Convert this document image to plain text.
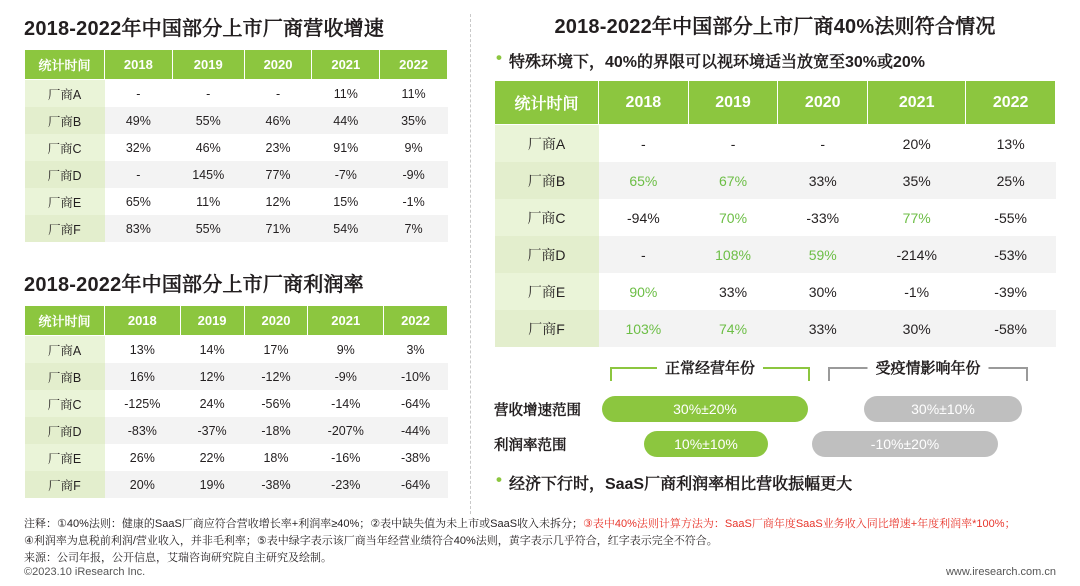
2018-2022年中国部分上市厂商营收增速
统计时间	2018	2019	2020	2021	2022
厂商A	-	-	-	11%	11%
厂商B	49%	55%	46%	44%	35%
厂商C	32%	46%	23%	91%	9%
厂商D	-	145%	77%	-7%	-9%
厂商E	65%	11%	12%	15%	-1%
厂商F	83%	55%	71%	54%	7%
2018-2022年中国部分上市厂商利润率
统计时间	2018	2019	2020	2021	2022
厂商A	13%	14%	17%	9%	3%
厂商B	16%	12%	-12%	-9%	-10%
厂商C	-125%	24%	-56%	-14%	-64%
厂商D	-83%	-37%	-18%	-207%	-44%
厂商E	26%	22%	18%	-16%	-38%
厂商F	20%	19%	-38%	-23%	-64%
2018-2022年中国部分上市厂商40%法则符合情况
• 特殊环境下，40%的界限可以视环境适当放宽至30%或20%
统计时间	2018	2019	2020	2021	2022
厂商A	-	-	-	20%	13%
厂商B	65%	67%	33%	35%	25%
厂商C	-94%	70%	-33%	77%	-55%
厂商D	-	108%	59%	-214%	-53%
厂商E	90%	33%	30%	-1%	-39%
厂商F	103%	74%	33%	30%	-58%
正常经营年份	受疫情影响年份
营收增速范围	30%±20%	30%±10%
利润率范围	10%±10%	-10%±20%
• 经济下行时，SaaS厂商利润率相比营收振幅更大
注释：①40%法则：健康的SaaS厂商应符合营收增长率+利润率≥40%；②表中缺失值为未上市或SaaS收入未拆分；③表中40%法则计算方法为：SaaS厂商年度SaaS业务收入同比增速+年度利润率*100%；
④利润率为息税前利润/营业收入，并非毛利率；⑤表中绿字表示该厂商当年经营业绩符合40%法则，黄字表示几乎符合，红字表示完全不符合。
来源：公司年报，公开信息，艾瑞咨询研究院自主研究及绘制。
©2023.10 iResearch Inc.	www.iresearch.com.cn
